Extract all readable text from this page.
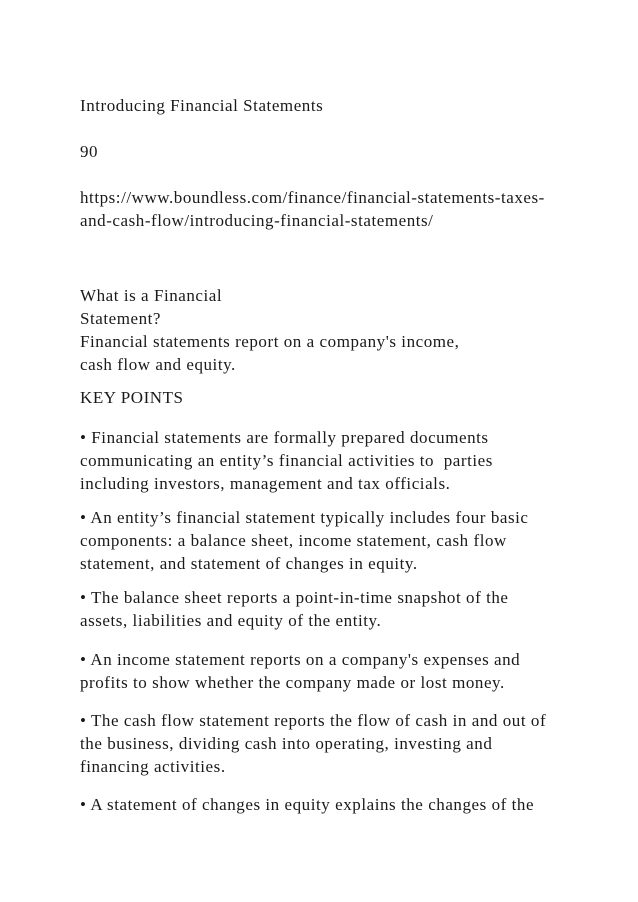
Introducing Financial Statements

90

https://www.boundless.com/finance/financial-statements-taxes-

and-cash-flow/introducing-financial-statements/

What is a Financial

Statement?

Financial statements report on a company's income,

cash flow and equity.

KEY POINTS

• Financial statements are formally prepared documents

communicating an entity’s financial activities to  parties

including investors, management and tax officials.

• An entity’s financial statement typically includes four basic

components: a balance sheet, income statement, cash flow

statement, and statement of changes in equity.

• The balance sheet reports a point-in-time snapshot of the

assets, liabilities and equity of the entity.

• An income statement reports on a company's expenses and

profits to show whether the company made or lost money.

• The cash flow statement reports the flow of cash in and out of

the business, dividing cash into operating, investing and

financing activities.

• A statement of changes in equity explains the changes of the
